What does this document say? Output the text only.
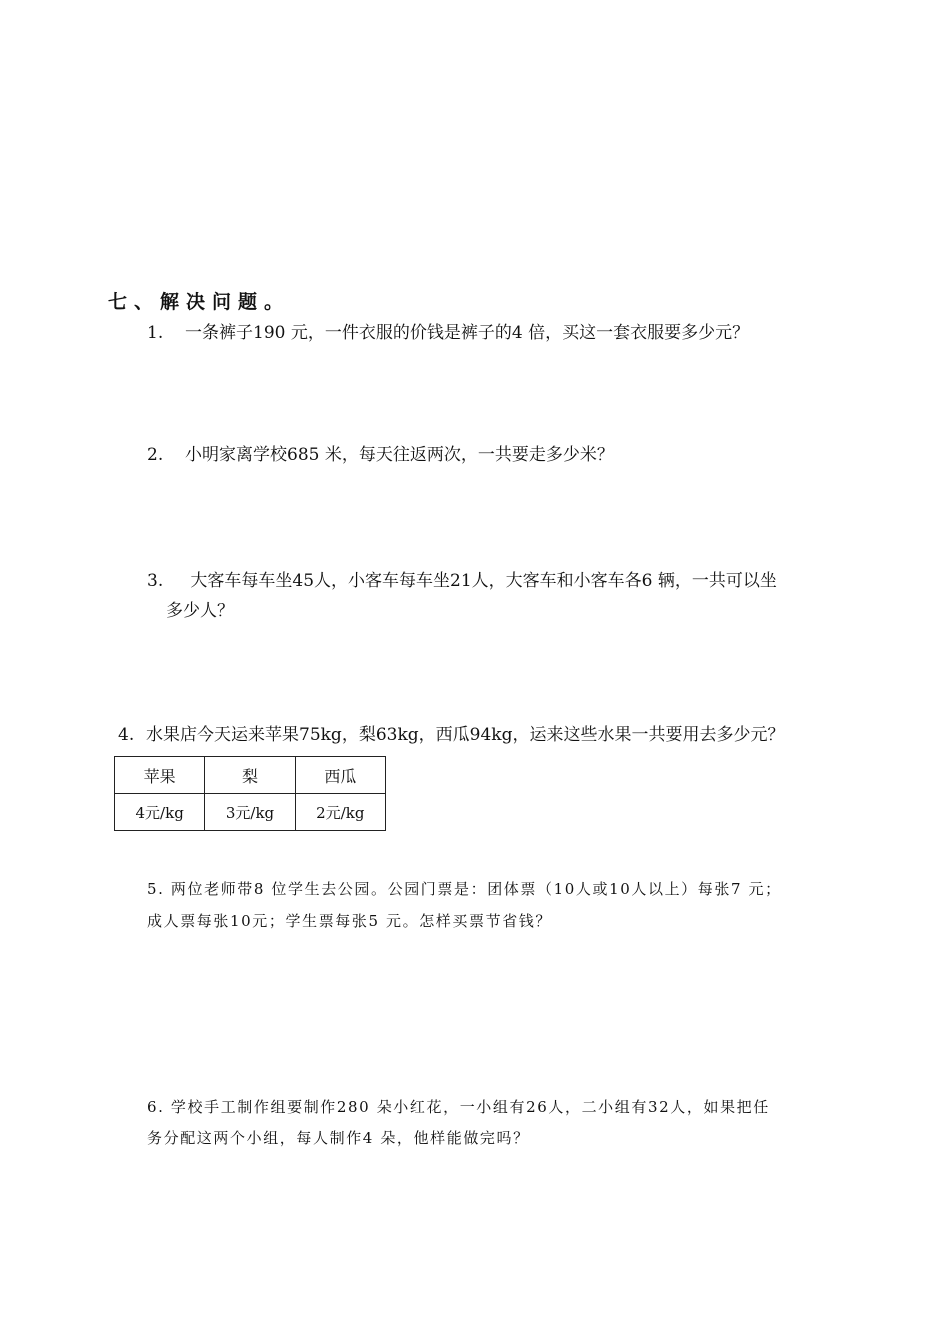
七、解决问题。
1. 一条裤子190 元，一件衣服的价钱是裤子的4 倍，买这一套衣服要多少元？
2. 小明家离学校685 米，每天往返两次，一共要走多少米？
3. 大客车每车坐45人，小客车每车坐21人，大客车和小客车各6 辆，一共可以坐
多少人？
4. 水果店今天运来苹果75kg，梨63kg，西瓜94kg，运来这些水果一共要用去多少元？
苹果	梨	西瓜
4元/kg	3元/kg	2元/kg
5. 两位老师带8 位学生去公园。公园门票是：团体票（10人或10人以上）每张7 元；
成人票每张10元；学生票每张5 元。怎样买票节省钱？
6. 学校手工制作组要制作280 朵小红花，一小组有26人，二小组有32人，如果把任
务分配这两个小组，每人制作4 朵，他样能做完吗？
